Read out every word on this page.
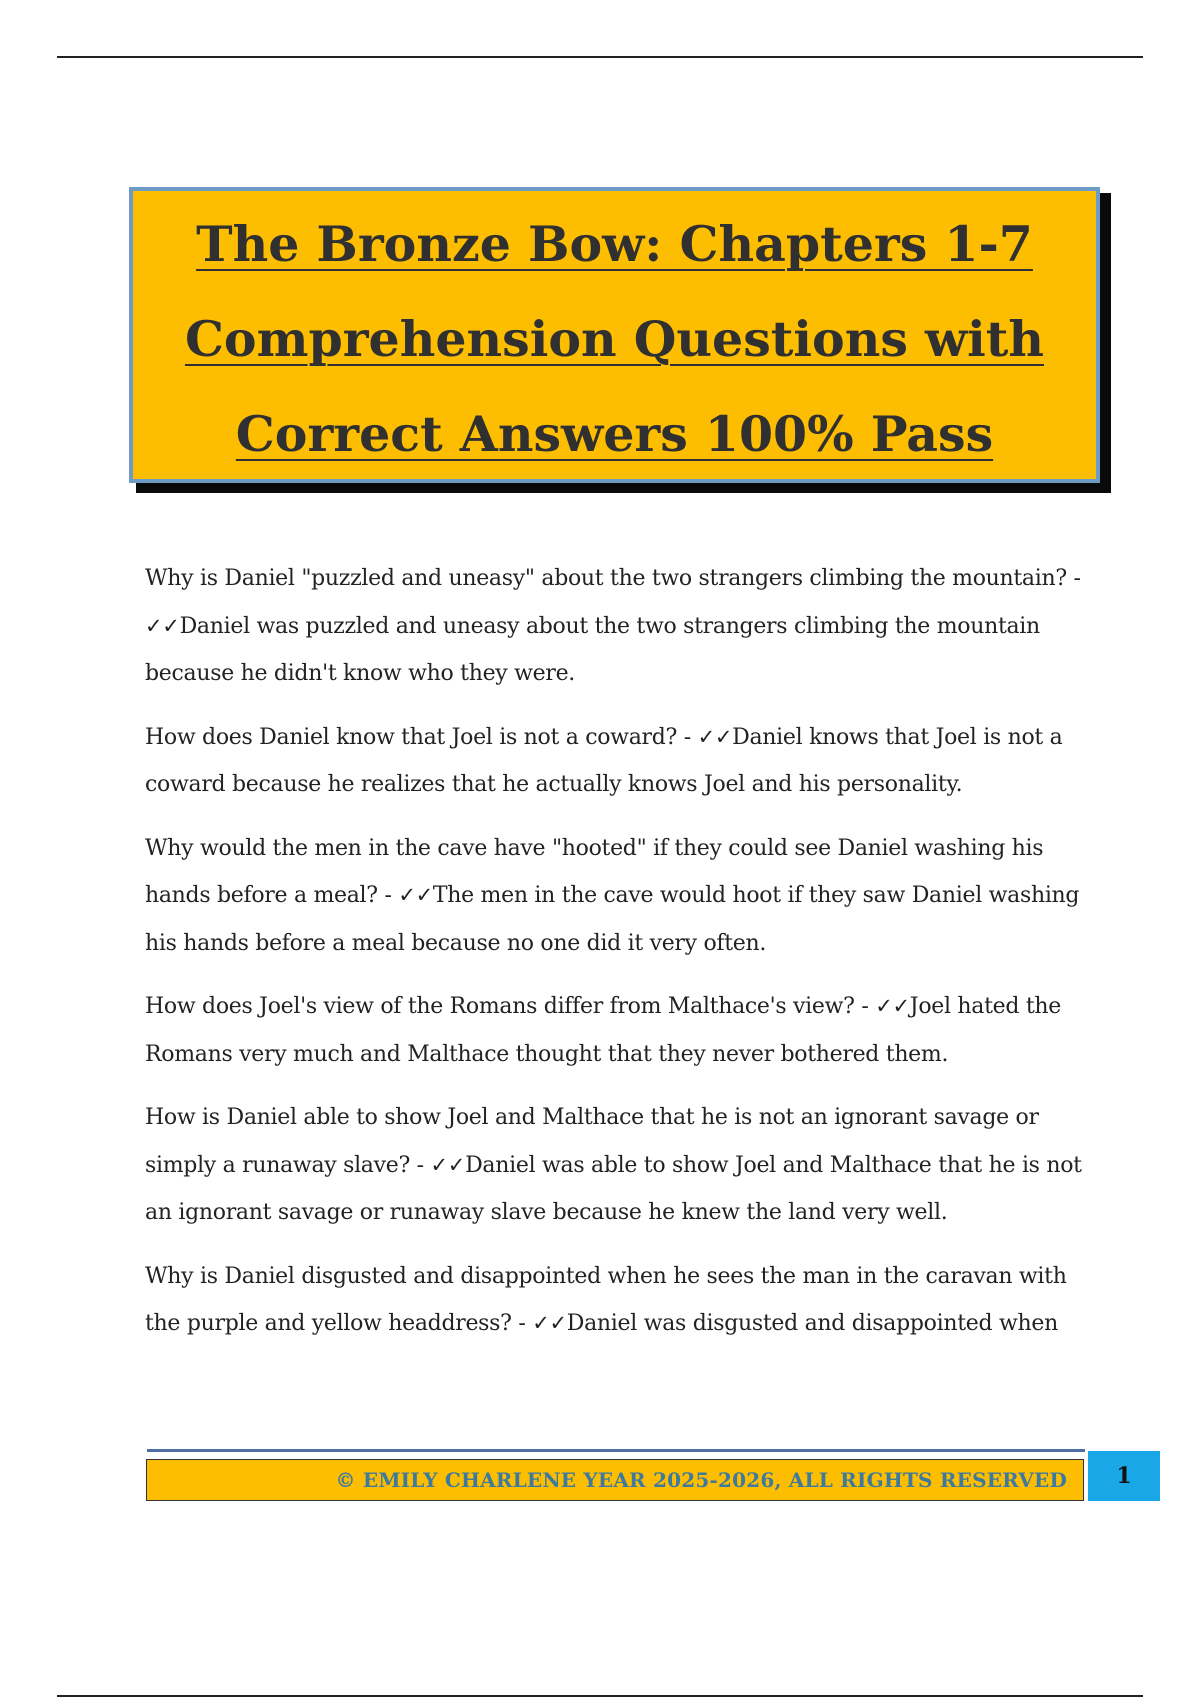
The Bronze Bow: Chapters 1-7
Comprehension Questions with
Correct Answers 100% Pass

Why is Daniel "puzzled and uneasy" about the two strangers climbing the mountain? - ✓✓Daniel was puzzled and uneasy about the two strangers climbing the mountain because he didn't know who they were.

How does Daniel know that Joel is not a coward? - ✓✓Daniel knows that Joel is not a coward because he realizes that he actually knows Joel and his personality.

Why would the men in the cave have "hooted" if they could see Daniel washing his hands before a meal? - ✓✓The men in the cave would hoot if they saw Daniel washing his hands before a meal because no one did it very often.

How does Joel's view of the Romans differ from Malthace's view? - ✓✓Joel hated the Romans very much and Malthace thought that they never bothered them.

How is Daniel able to show Joel and Malthace that he is not an ignorant savage or simply a runaway slave? - ✓✓Daniel was able to show Joel and Malthace that he is not an ignorant savage or runaway slave because he knew the land very well.

Why is Daniel disgusted and disappointed when he sees the man in the caravan with the purple and yellow headdress? - ✓✓Daniel was disgusted and disappointed when

© EMILY CHARLENE YEAR 2025-2026, ALL RIGHTS RESERVED	1
